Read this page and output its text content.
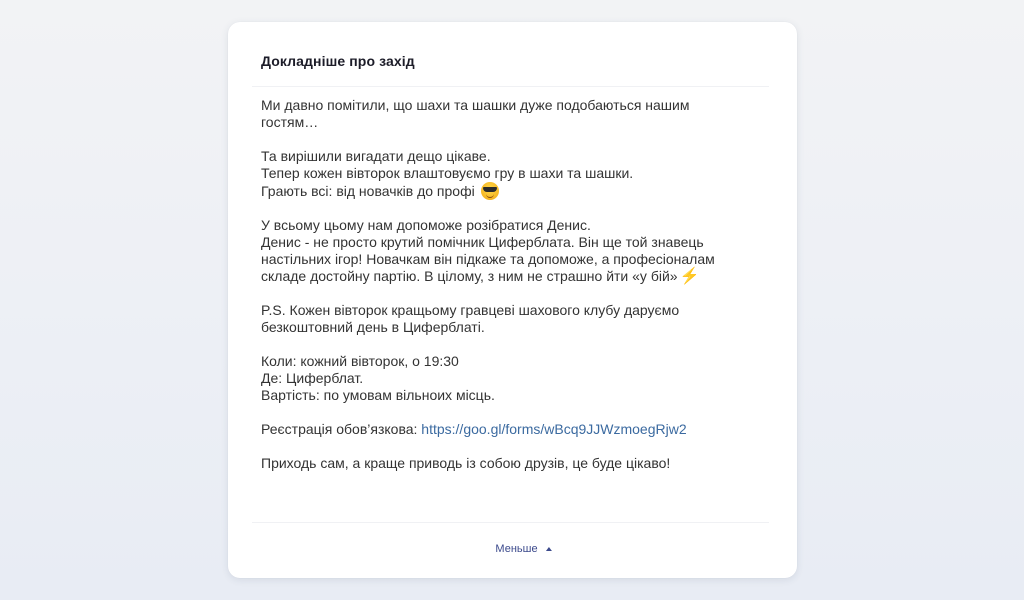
Докладніше про захід

Ми давно помітили, що шахи та шашки дуже подобаються нашим
гостям…

Та вирішили вигадати дещо цікаве.
Тепер кожен вівторок влаштовуємо гру в шахи та шашки.
Грають всі: від новачків до профі

У всьому цьому нам допоможе розібратися Денис.
Денис - не просто крутий помічник Циферблата. Він ще той знавець
настільних ігор! Новачкам він підкаже та допоможе, а професіоналам
складе достойну партію. В цілому, з ним не страшно йти «у бій» ⚡

P.S. Кожен вівторок кращьому гравцеві шахового клубу даруємо
безкоштовний день в Циферблаті.

Коли: кожний вівторок, о 19:30
Де: Циферблат.
Вартість: по умовам вільноих місць.

Реєстрація обов’язкова: https://goo.gl/forms/wBcq9JJWzmoegRjw2

Приходь сам, а краще приводь із собою друзів, це буде цікаво!

Меньше
